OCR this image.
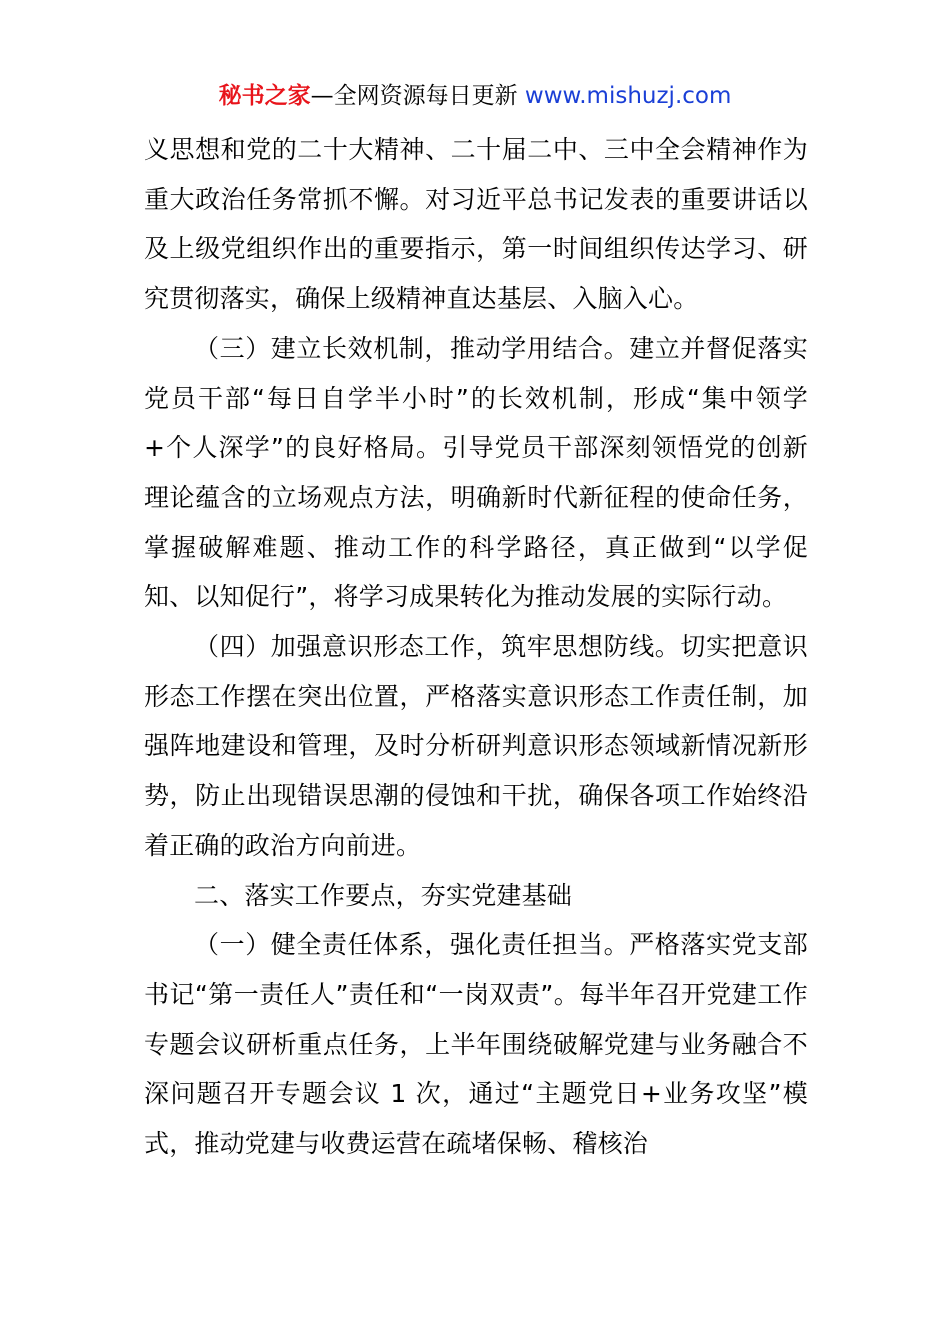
秘书之家—全网资源每日更新 www.mishuzj.com

义思想和党的二十大精神、二十届二中、三中全会精神作为重大政治任务常抓不懈。对习近平总书记发表的重要讲话以及上级党组织作出的重要指示，第一时间组织传达学习、研究贯彻落实，确保上级精神直达基层、入脑入心。

（三）建立长效机制，推动学用结合。建立并督促落实党员干部“每日自学半小时”的长效机制，形成“集中领学+个人深学”的良好格局。引导党员干部深刻领悟党的创新理论蕴含的立场观点方法，明确新时代新征程的使命任务，掌握破解难题、推动工作的科学路径，真正做到“以学促知、以知促行”，将学习成果转化为推动发展的实际行动。

（四）加强意识形态工作，筑牢思想防线。切实把意识形态工作摆在突出位置，严格落实意识形态工作责任制，加强阵地建设和管理，及时分析研判意识形态领域新情况新形势，防止出现错误思潮的侵蚀和干扰，确保各项工作始终沿着正确的政治方向前进。

二、落实工作要点，夯实党建基础

（一）健全责任体系，强化责任担当。严格落实党支部书记“第一责任人”责任和“一岗双责”。每半年召开党建工作专题会议研析重点任务，上半年围绕破解党建与业务融合不深问题召开专题会议 1 次，通过“主题党日+业务攻坚”模式，推动党建与收费运营在疏堵保畅、稽核治
